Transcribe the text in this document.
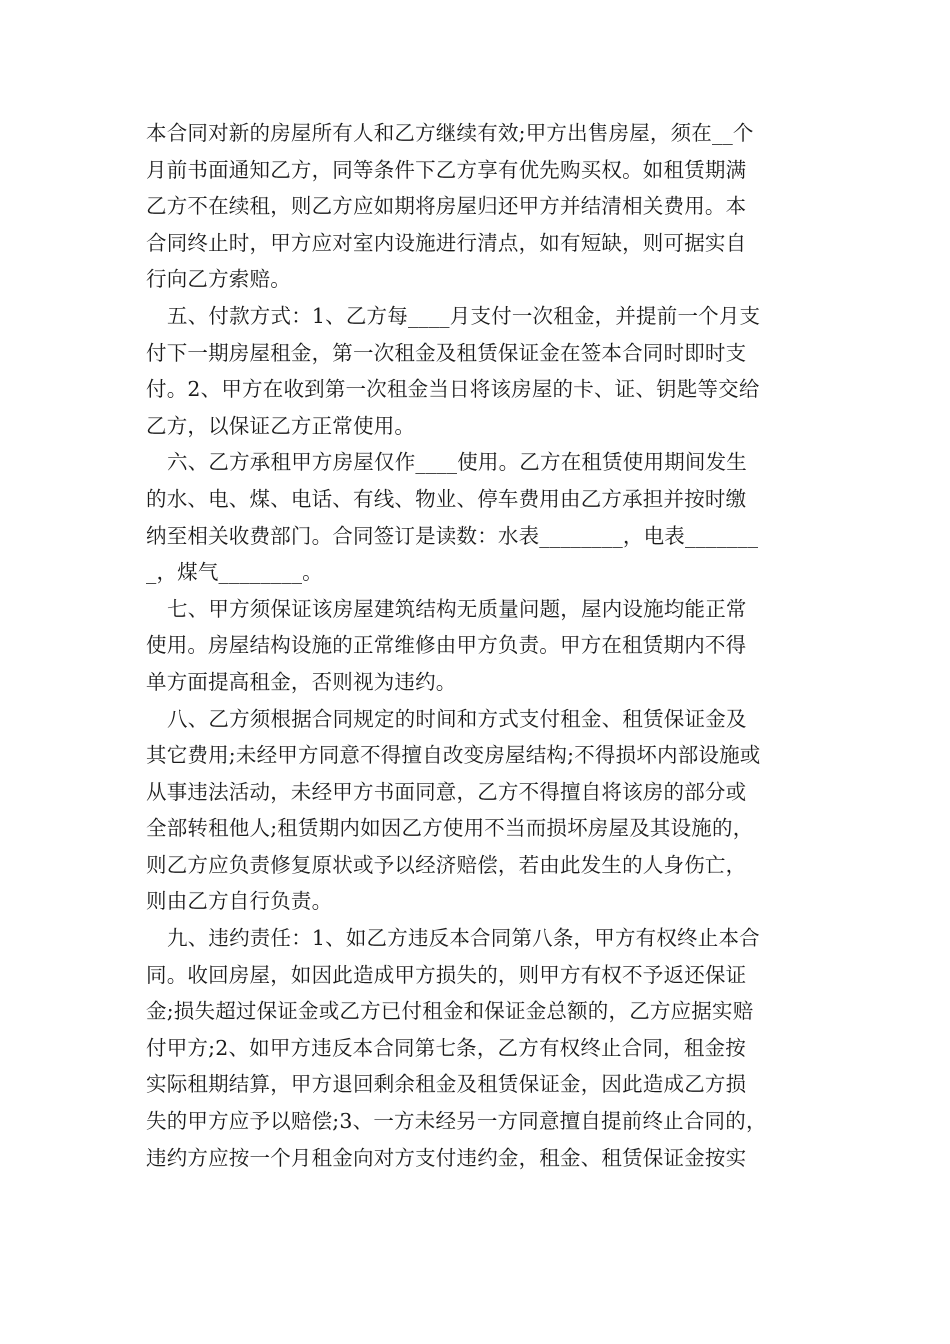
本合同对新的房屋所有人和乙方继续有效;甲方出售房屋，须在__个
月前书面通知乙方，同等条件下乙方享有优先购买权。如租赁期满
乙方不在续租，则乙方应如期将房屋归还甲方并结清相关费用。本
合同终止时，甲方应对室内设施进行清点，如有短缺，则可据实自
行向乙方索赔。
五、付款方式：1、乙方每____月支付一次租金，并提前一个月支
付下一期房屋租金，第一次租金及租赁保证金在签本合同时即时支
付。2、甲方在收到第一次租金当日将该房屋的卡、证、钥匙等交给
乙方，以保证乙方正常使用。
六、乙方承租甲方房屋仅作____使用。乙方在租赁使用期间发生
的水、电、煤、电话、有线、物业、停车费用由乙方承担并按时缴
纳至相关收费部门。合同签订是读数：水表________，电表_______
_，煤气________。
七、甲方须保证该房屋建筑结构无质量问题，屋内设施均能正常
使用。房屋结构设施的正常维修由甲方负责。甲方在租赁期内不得
单方面提高租金，否则视为违约。
八、乙方须根据合同规定的时间和方式支付租金、租赁保证金及
其它费用;未经甲方同意不得擅自改变房屋结构;不得损坏内部设施或
从事违法活动，未经甲方书面同意，乙方不得擅自将该房的部分或
全部转租他人;租赁期内如因乙方使用不当而损坏房屋及其设施的，
则乙方应负责修复原状或予以经济赔偿，若由此发生的人身伤亡，
则由乙方自行负责。
九、违约责任：1、如乙方违反本合同第八条，甲方有权终止本合
同。收回房屋，如因此造成甲方损失的，则甲方有权不予返还保证
金;损失超过保证金或乙方已付租金和保证金总额的，乙方应据实赔
付甲方;2、如甲方违反本合同第七条，乙方有权终止合同，租金按
实际租期结算，甲方退回剩余租金及租赁保证金，因此造成乙方损
失的甲方应予以赔偿;3、一方未经另一方同意擅自提前终止合同的，
违约方应按一个月租金向对方支付违约金，租金、租赁保证金按实
